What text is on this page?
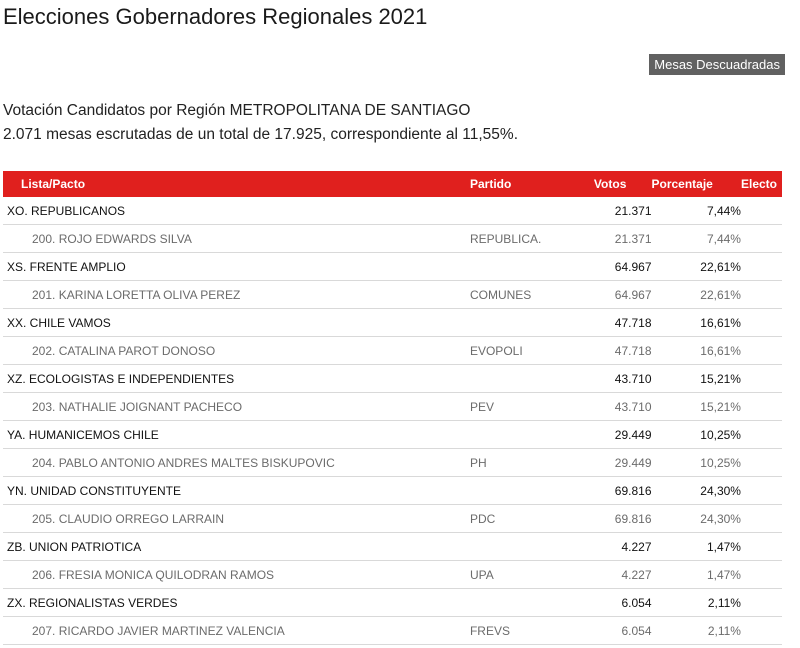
Elecciones Gobernadores Regionales 2021
Mesas Descuadradas
Votación Candidatos por Región METROPOLITANA DE SANTIAGO
2.071 mesas escrutadas de un total de 17.925, correspondiente al 11,55%.
Lista/Pacto	Partido	Votos	Porcentaje	Electo
XO. REPUBLICANOS		21.371	7,44%	
200. ROJO EDWARDS SILVA	REPUBLICA.	21.371	7,44%	
XS. FRENTE AMPLIO		64.967	22,61%	
201. KARINA LORETTA OLIVA PEREZ	COMUNES	64.967	22,61%	
XX. CHILE VAMOS		47.718	16,61%	
202. CATALINA PAROT DONOSO	EVOPOLI	47.718	16,61%	
XZ. ECOLOGISTAS E INDEPENDIENTES		43.710	15,21%	
203. NATHALIE JOIGNANT PACHECO	PEV	43.710	15,21%	
YA. HUMANICEMOS CHILE		29.449	10,25%	
204. PABLO ANTONIO ANDRES MALTES BISKUPOVIC	PH	29.449	10,25%	
YN. UNIDAD CONSTITUYENTE		69.816	24,30%	
205. CLAUDIO ORREGO LARRAIN	PDC	69.816	24,30%	
ZB. UNION PATRIOTICA		4.227	1,47%	
206. FRESIA MONICA QUILODRAN RAMOS	UPA	4.227	1,47%	
ZX. REGIONALISTAS VERDES		6.054	2,11%	
207. RICARDO JAVIER MARTINEZ VALENCIA	FREVS	6.054	2,11%	
